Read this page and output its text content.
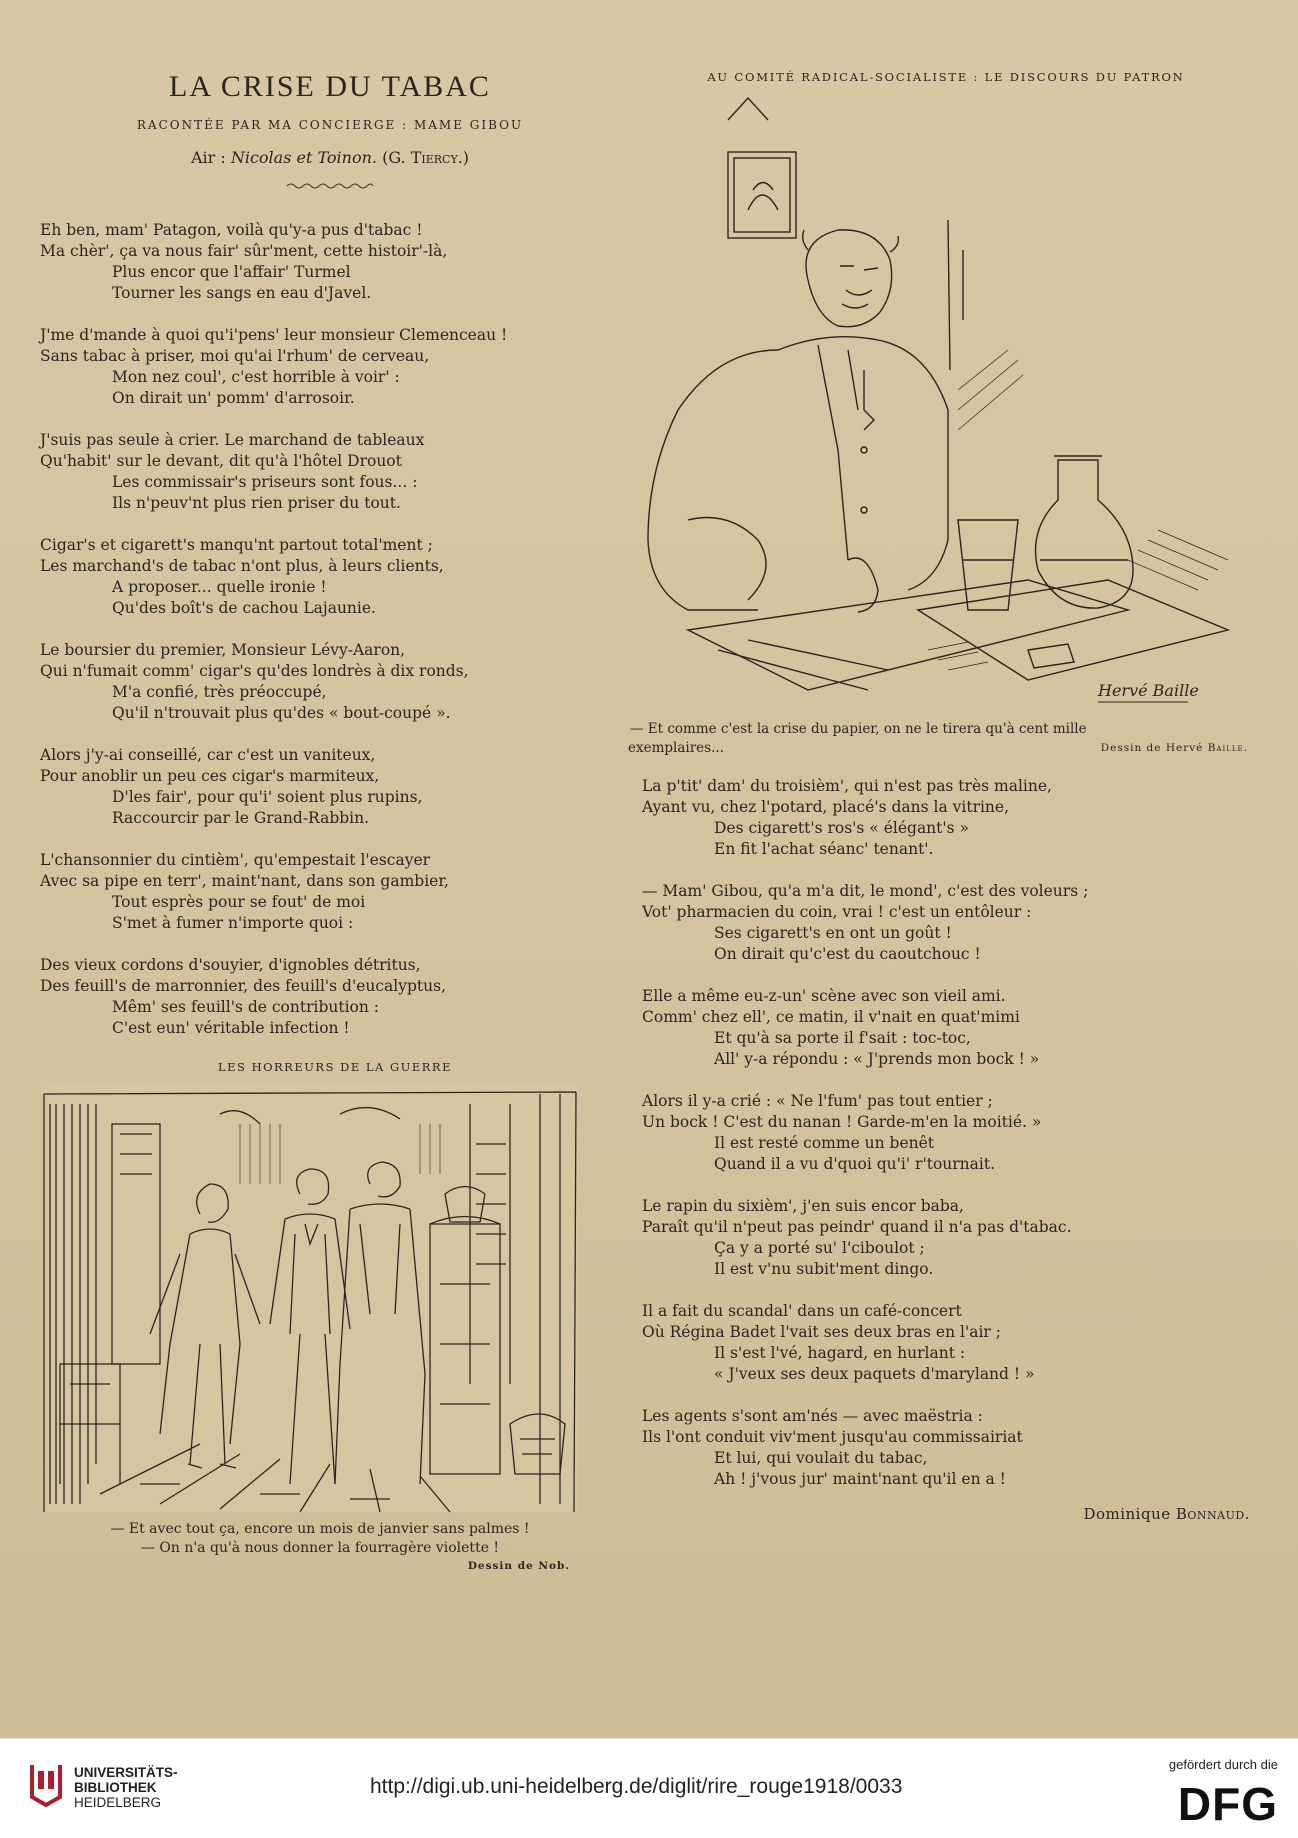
LA CRISE DU TABAC
RACONTÉE PAR MA CONCIERGE : MAME GIBOU
Air : Nicolas et Toinon. (G. Tiercy.)
Eh ben, mam' Patagon, voilà qu'y-a pus d'tabac !
Ma chèr', ça va nous fair' sûr'ment, cette histoir'-là,
Plus encor que l'affair' Turmel
Tourner les sangs en eau d'Javel.
J'me d'mande à quoi qu'i'pens' leur monsieur Clemenceau !
Sans tabac à priser, moi qu'ai l'rhum' de cerveau,
Mon nez coul', c'est horrible à voir' :
On dirait un' pomm' d'arrosoir.
J'suis pas seule à crier. Le marchand de tableaux
Qu'habit' sur le devant, dit qu'à l'hôtel Drouot
Les commissair's priseurs sont fous... :
Ils n'peuv'nt plus rien priser du tout.
Cigar's et cigarett's manqu'nt partout total'ment ;
Les marchand's de tabac n'ont plus, à leurs clients,
A proposer... quelle ironie !
Qu'des boît's de cachou Lajaunie.
Le boursier du premier, Monsieur Lévy-Aaron,
Qui n'fumait comm' cigar's qu'des londrès à dix ronds,
M'a confié, très préoccupé,
Qu'il n'trouvait plus qu'des « bout-coupé ».
Alors j'y-ai conseillé, car c'est un vaniteux,
Pour anoblir un peu ces cigar's marmiteux,
D'les fair', pour qu'i' soient plus rupins,
Raccourcir par le Grand-Rabbin.
L'chansonnier du cintièm', qu'empestait l'escayer
Avec sa pipe en terr', maint'nant, dans son gambier,
Tout esprès pour se fout' de moi
S'met à fumer n'importe quoi :
Des vieux cordons d'souyier, d'ignobles détritus,
Des feuill's de marronnier, des feuill's d'eucalyptus,
Mêm' ses feuill's de contribution :
C'est eun' véritable infection !
LES HORREURS DE LA GUERRE
— Et avec tout ça, encore un mois de janvier sans palmes !
— On n'a qu'à nous donner la fourragère violette !
Dessin de Nob.
AU COMITÉ RADICAL-SOCIALISTE : LE DISCOURS DU PATRON
Hervé Baille
— Et comme c'est la crise du papier, on ne le tirera qu'à cent mille
exemplaires...	Dessin de Hervé Baille.
La p'tit' dam' du troisièm', qui n'est pas très maline,
Ayant vu, chez l'potard, placé's dans la vitrine,
Des cigarett's ros's « élégant's »
En fit l'achat séanc' tenant'.
— Mam' Gibou, qu'a m'a dit, le mond', c'est des voleurs ;
Vot' pharmacien du coin, vrai ! c'est un entôleur :
Ses cigarett's en ont un goût !
On dirait qu'c'est du caoutchouc !
Elle a même eu-z-un' scène avec son vieil ami.
Comm' chez ell', ce matin, il v'nait en quat'mimi
Et qu'à sa porte il f'sait : toc-toc,
All' y-a répondu : « J'prends mon bock ! »
Alors il y-a crié : « Ne l'fum' pas tout entier ;
Un bock ! C'est du nanan ! Garde-m'en la moitié. »
Il est resté comme un benêt
Quand il a vu d'quoi qu'i' r'tournait.
Le rapin du sixièm', j'en suis encor baba,
Paraît qu'il n'peut pas peindr' quand il n'a pas d'tabac.
Ça y a porté su' l'ciboulot ;
Il est v'nu subit'ment dingo.
Il a fait du scandal' dans un café-concert
Où Régina Badet l'vait ses deux bras en l'air ;
Il s'est l'vé, hagard, en hurlant :
« J'veux ses deux paquets d'maryland ! »
Les agents s'sont am'nés — avec maëstria :
Ils l'ont conduit viv'ment jusqu'au commissairiat
Et lui, qui voulait du tabac,
Ah ! j'vous jur' maint'nant qu'il en a !
Dominique Bonnaud.
UNIVERSITÄTS-
BIBLIOTHEK
HEIDELBERG
http://digi.ub.uni-heidelberg.de/diglit/rire_rouge1918/0033
gefördert durch die
DFG
